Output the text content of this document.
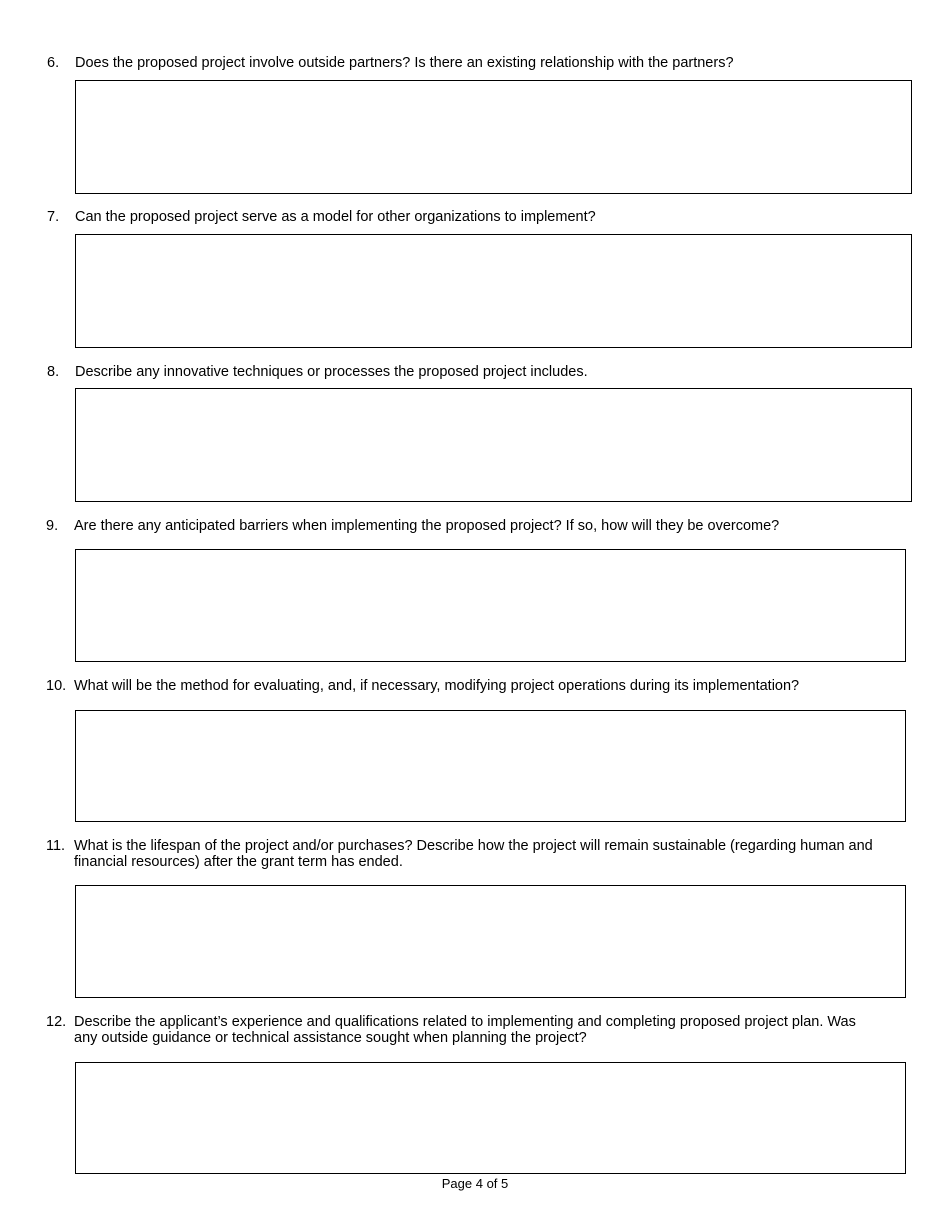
6. Does the proposed project involve outside partners? Is there an existing relationship with the partners?
7. Can the proposed project serve as a model for other organizations to implement?
8. Describe any innovative techniques or processes the proposed project includes.
9. Are there any anticipated barriers when implementing the proposed project? If so, how will they be overcome?
10. What will be the method for evaluating, and, if necessary, modifying project operations during its implementation?
11. What is the lifespan of the project and/or purchases? Describe how the project will remain sustainable (regarding human and financial resources) after the grant term has ended.
12. Describe the applicant’s experience and qualifications related to implementing and completing proposed project plan. Was any outside guidance or technical assistance sought when planning the project?
Page 4 of 5
